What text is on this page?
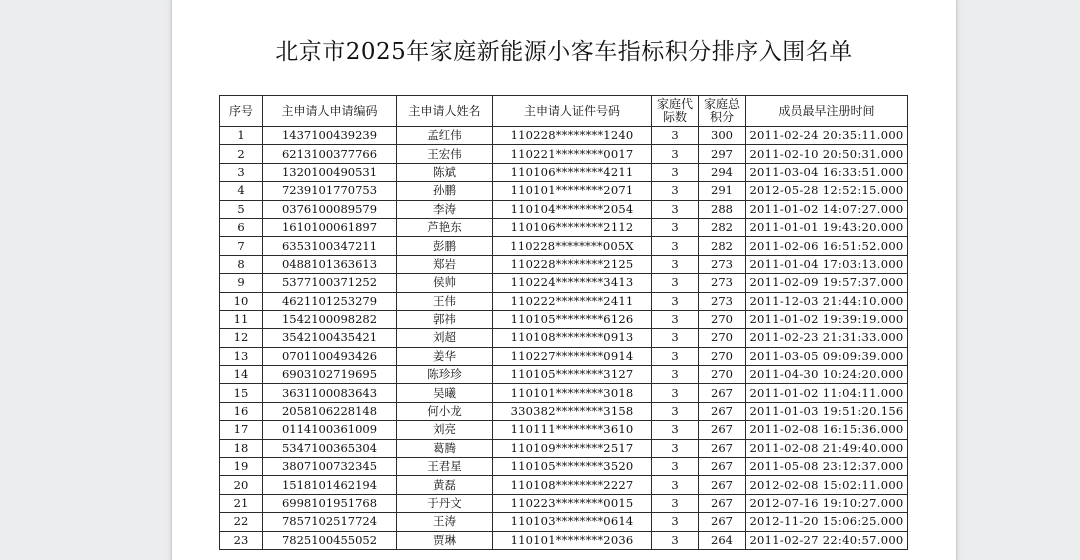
北京市2025年家庭新能源小客车指标积分排序入围名单
序号	主申请人申请编码	主申请人姓名	主申请人证件号码	家庭代际数	家庭总积分	成员最早注册时间
1	1437100439239	孟红伟	110228********1240	3	300	2011-02-24 20:35:11.000
2	6213100377766	王宏伟	110221********0017	3	297	2011-02-10 20:50:31.000
3	1320100490531	陈斌	110106********4211	3	294	2011-03-04 16:33:51.000
4	7239101770753	孙鹏	110101********2071	3	291	2012-05-28 12:52:15.000
5	0376100089579	李涛	110104********2054	3	288	2011-01-02 14:07:27.000
6	1610100061897	芦艳东	110106********2112	3	282	2011-01-01 19:43:20.000
7	6353100347211	彭鹏	110228********005X	3	282	2011-02-06 16:51:52.000
8	0488101363613	郑岩	110228********2125	3	273	2011-01-04 17:03:13.000
9	5377100371252	侯帅	110224********3413	3	273	2011-02-09 19:57:37.000
10	4621101253279	王伟	110222********2411	3	273	2011-12-03 21:44:10.000
11	1542100098282	郭祎	110105********6126	3	270	2011-01-02 19:39:19.000
12	3542100435421	刘超	110108********0913	3	270	2011-02-23 21:31:33.000
13	0701100493426	姜华	110227********0914	3	270	2011-03-05 09:09:39.000
14	6903102719695	陈珍珍	110105********3127	3	270	2011-04-30 10:24:20.000
15	3631100083643	吴曦	110101********3018	3	267	2011-01-02 11:04:11.000
16	2058106228148	何小龙	330382********3158	3	267	2011-01-03 19:51:20.156
17	0114100361009	刘亮	110111********3610	3	267	2011-02-08 16:15:36.000
18	5347100365304	葛腾	110109********2517	3	267	2011-02-08 21:49:40.000
19	3807100732345	王君星	110105********3520	3	267	2011-05-08 23:12:37.000
20	1518101462194	黄磊	110108********2227	3	267	2012-02-08 15:02:11.000
21	6998101951768	于丹文	110223********0015	3	267	2012-07-16 19:10:27.000
22	7857102517724	王涛	110103********0614	3	267	2012-11-20 15:06:25.000
23	7825100455052	贾琳	110101********2036	3	264	2011-02-27 22:40:57.000
